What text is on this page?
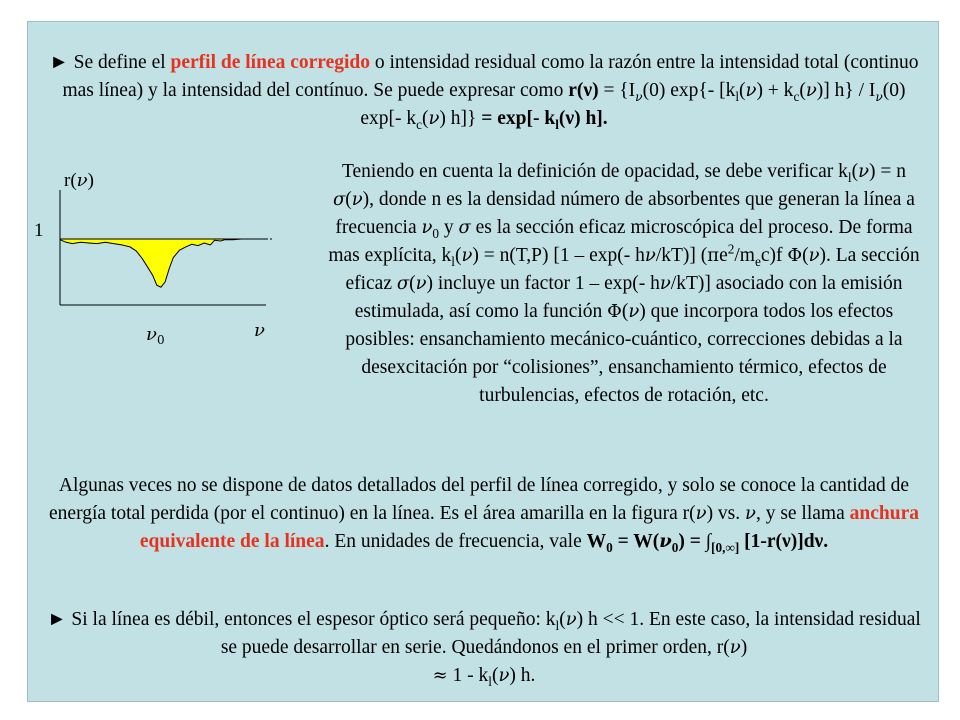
► Se define el perfil de línea corregido o intensidad residual como la razón entre la intensidad total (continuo mas línea) y la intensidad del contínuo. Se puede expresar como $r(\nu) = \{I_\nu(0)$ exp{- $[k_l(\nu) + k_c(\nu)]$ $h\} / I_\nu(0)$ exp[- $k_c(\nu) h]\} = \exp[-$ $k_l(\nu)$ h].

r(ν)
1
$\nu_0$	ν

Teniendo en cuenta la definición de opacidad, se debe verificar $k_l(\nu) = n$ σ(ν), donde n es la densidad número de absorbentes que generan la línea a frecuencia $\nu_0$ y σ es la sección eficaz microscópica del proceso. De forma mas explícita, $k_l(\nu) = n(T,P)$ [1 – exp(- hν/kT)] $(\pi e^2/m_ec)f$ Φ(ν). La sección eficaz σ(ν) incluye un factor 1 – exp(- hν/kT)] asociado con la emisión estimulada, así como la función Φ(ν) que incorpora todos los efectos posibles: ensanchamiento mecánico-cuántico, correcciones debidas a la desexcitación por “colisiones”, ensanchamiento térmico, efectos de turbulencias, efectos de rotación, etc.

Algunas veces no se dispone de datos detallados del perfil de línea corregido, y solo se conoce la cantidad de energía total perdida (por el continuo) en la línea. Es el área amarilla en la figura r(ν) vs. ν, y se llama anchura equivalente de la línea. En unidades de frecuencia, vale $W_0 = W(\nu_0) = \int_{[0,\infty]}$ [1-r(ν)]dν.

► Si la línea es débil, entonces el espesor óptico será pequeño: $k_l(\nu) h << 1$. En este caso, la intensidad residual se puede desarrollar en serie. Quedándonos en el primer orden, r(ν)
≈ $1 - k_l(\nu)$ h.
